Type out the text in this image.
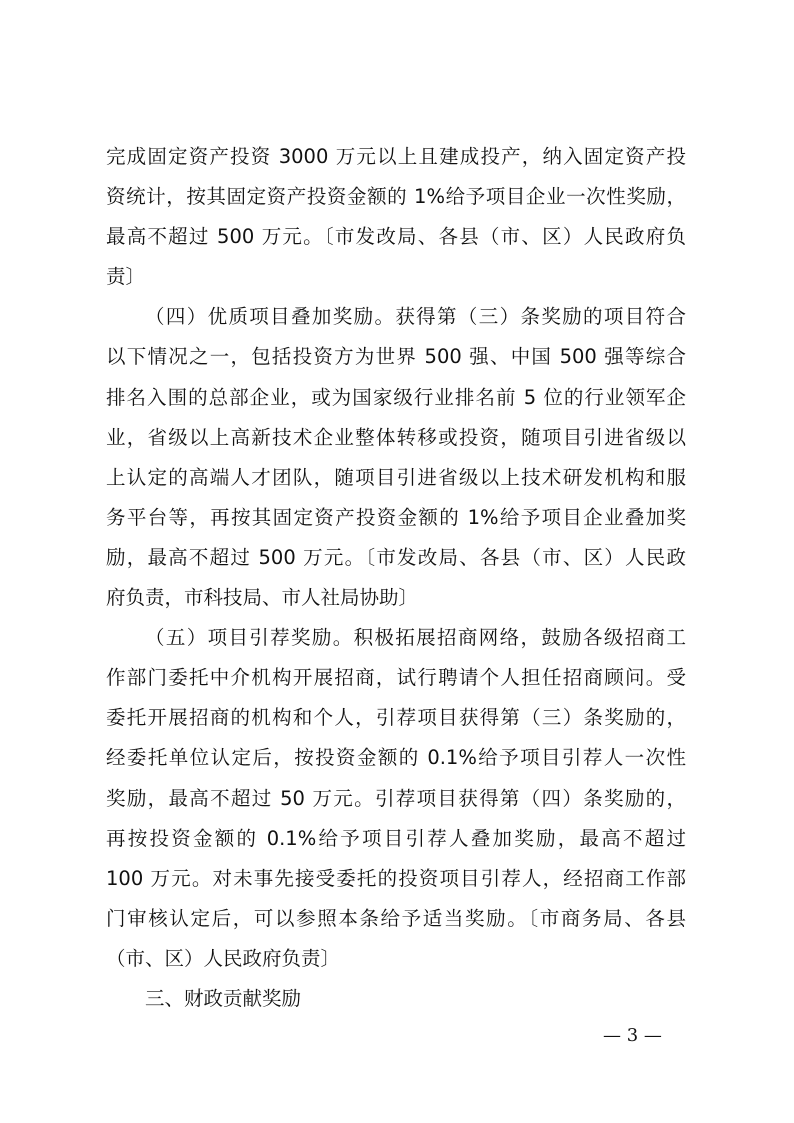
完成固定资产投资 3000 万元以上且建成投产，纳入固定资产投
资统计，按其固定资产投资金额的 1%给予项目企业一次性奖励，
最高不超过 500 万元。〔市发改局、各县（市、区）人民政府负
责〕
（四）优质项目叠加奖励。获得第（三）条奖励的项目符合
以下情况之一，包括投资方为世界 500 强、中国 500 强等综合
排名入围的总部企业，或为国家级行业排名前 5 位的行业领军企
业，省级以上高新技术企业整体转移或投资，随项目引进省级以
上认定的高端人才团队，随项目引进省级以上技术研发机构和服
务平台等，再按其固定资产投资金额的 1%给予项目企业叠加奖
励，最高不超过 500 万元。〔市发改局、各县（市、区）人民政
府负责，市科技局、市人社局协助〕
（五）项目引荐奖励。积极拓展招商网络，鼓励各级招商工
作部门委托中介机构开展招商，试行聘请个人担任招商顾问。受
委托开展招商的机构和个人，引荐项目获得第（三）条奖励的，
经委托单位认定后，按投资金额的 0.1%给予项目引荐人一次性
奖励，最高不超过 50 万元。引荐项目获得第（四）条奖励的，
再按投资金额的 0.1%给予项目引荐人叠加奖励，最高不超过
100 万元。对未事先接受委托的投资项目引荐人，经招商工作部
门审核认定后，可以参照本条给予适当奖励。〔市商务局、各县
（市、区）人民政府负责〕
三、财政贡献奖励
— 3 —
